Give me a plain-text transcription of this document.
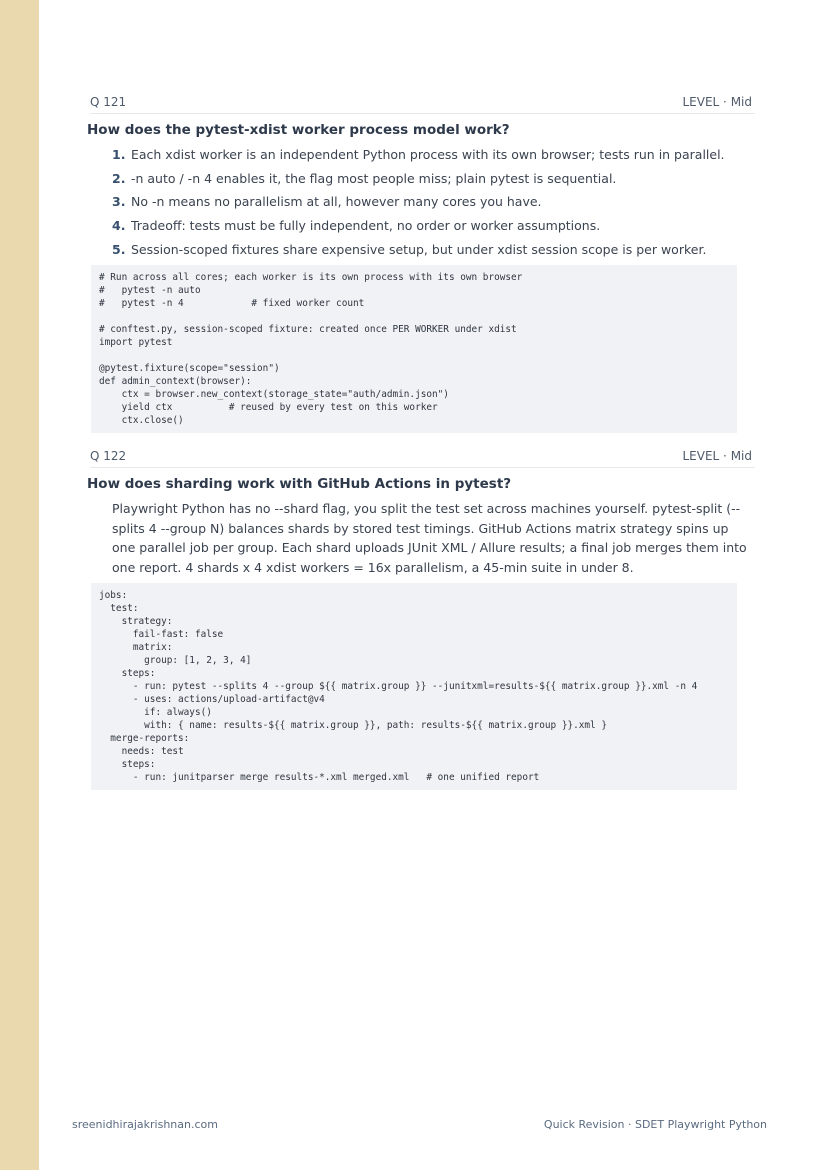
Q 121	LEVEL · Mid
How does the pytest-xdist worker process model work?
1. Each xdist worker is an independent Python process with its own browser; tests run in parallel.
2. -n auto / -n 4 enables it, the flag most people miss; plain pytest is sequential.
3. No -n means no parallelism at all, however many cores you have.
4. Tradeoff: tests must be fully independent, no order or worker assumptions.
5. Session-scoped fixtures share expensive setup, but under xdist session scope is per worker.
# Run across all cores; each worker is its own process with its own browser
#   pytest -n auto
#   pytest -n 4            # fixed worker count

# conftest.py, session-scoped fixture: created once PER WORKER under xdist
import pytest

@pytest.fixture(scope="session")
def admin_context(browser):
ctx = browser.new_context(storage_state="auth/admin.json")
yield ctx          # reused by every test on this worker
ctx.close()
Q 122	LEVEL · Mid
How does sharding work with GitHub Actions in pytest?
Playwright Python has no --shard flag, you split the test set across machines yourself. pytest-split (--splits 4 --group N) balances shards by stored test timings. GitHub Actions matrix strategy spins up one parallel job per group. Each shard uploads JUnit XML / Allure results; a final job merges them into one report. 4 shards x 4 xdist workers = 16x parallelism, a 45-min suite in under 8.
jobs:
test:
strategy:
fail-fast: false
matrix:
group: [1, 2, 3, 4]
steps:
- run: pytest --splits 4 --group ${{ matrix.group }} --junitxml=results-${{ matrix.group }}.xml -n 4
- uses: actions/upload-artifact@v4
if: always()
with: { name: results-${{ matrix.group }}, path: results-${{ matrix.group }}.xml }
merge-reports:
needs: test
steps:
- run: junitparser merge results-*.xml merged.xml   # one unified report
sreenidhirajakrishnan.com	Quick Revision · SDET Playwright Python
